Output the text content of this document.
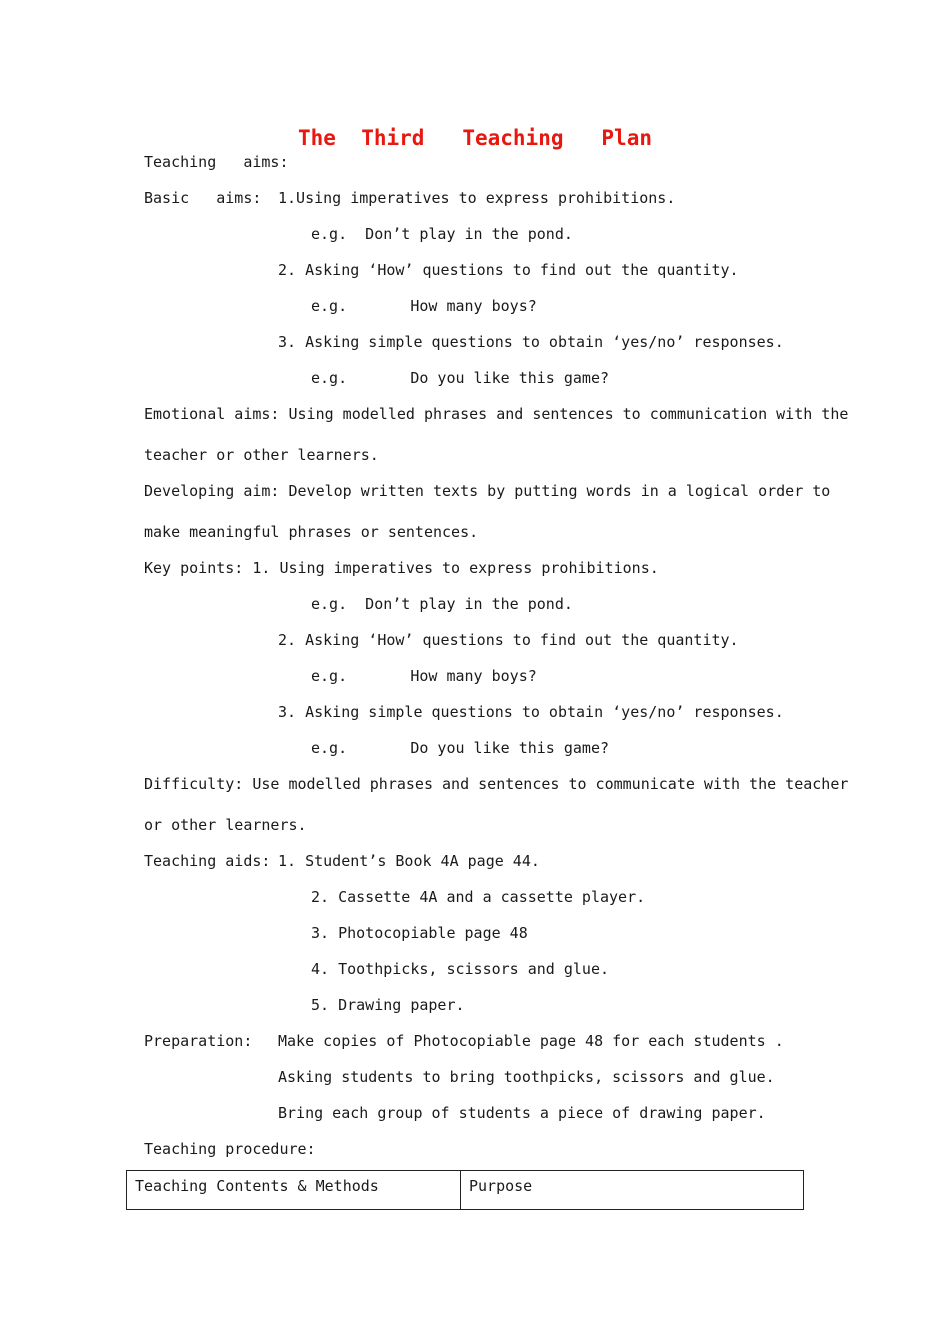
The  Third   Teaching   Plan

Teaching   aims:

Basic   aims: 1.Using imperatives to express prohibitions.

e.g.  Don’t play in the pond.

2. Asking ‘How’ questions to find out the quantity.

e.g.       How many boys?

3. Asking simple questions to obtain ‘yes/no’ responses.

e.g.       Do you like this game?

Emotional aims: Using modelled phrases and sentences to communication with the

teacher or other learners.

Developing aim: Develop written texts by putting words in a logical order to

make meaningful phrases or sentences.

Key points: 1. Using imperatives to express prohibitions.

e.g.  Don’t play in the pond.

2. Asking ‘How’ questions to find out the quantity.

e.g.       How many boys?

3. Asking simple questions to obtain ‘yes/no’ responses.

e.g.       Do you like this game?

Difficulty: Use modelled phrases and sentences to communicate with the teacher

or other learners.

Teaching aids: 1. Student’s Book 4A page 44.

2. Cassette 4A and a cassette player.

3. Photocopiable page 48

4. Toothpicks, scissors and glue.

5. Drawing paper.

Preparation: Make copies of Photocopiable page 48 for each students .

Asking students to bring toothpicks, scissors and glue.

Bring each group of students a piece of drawing paper.

Teaching procedure:

Teaching Contents & Methods	Purpose
